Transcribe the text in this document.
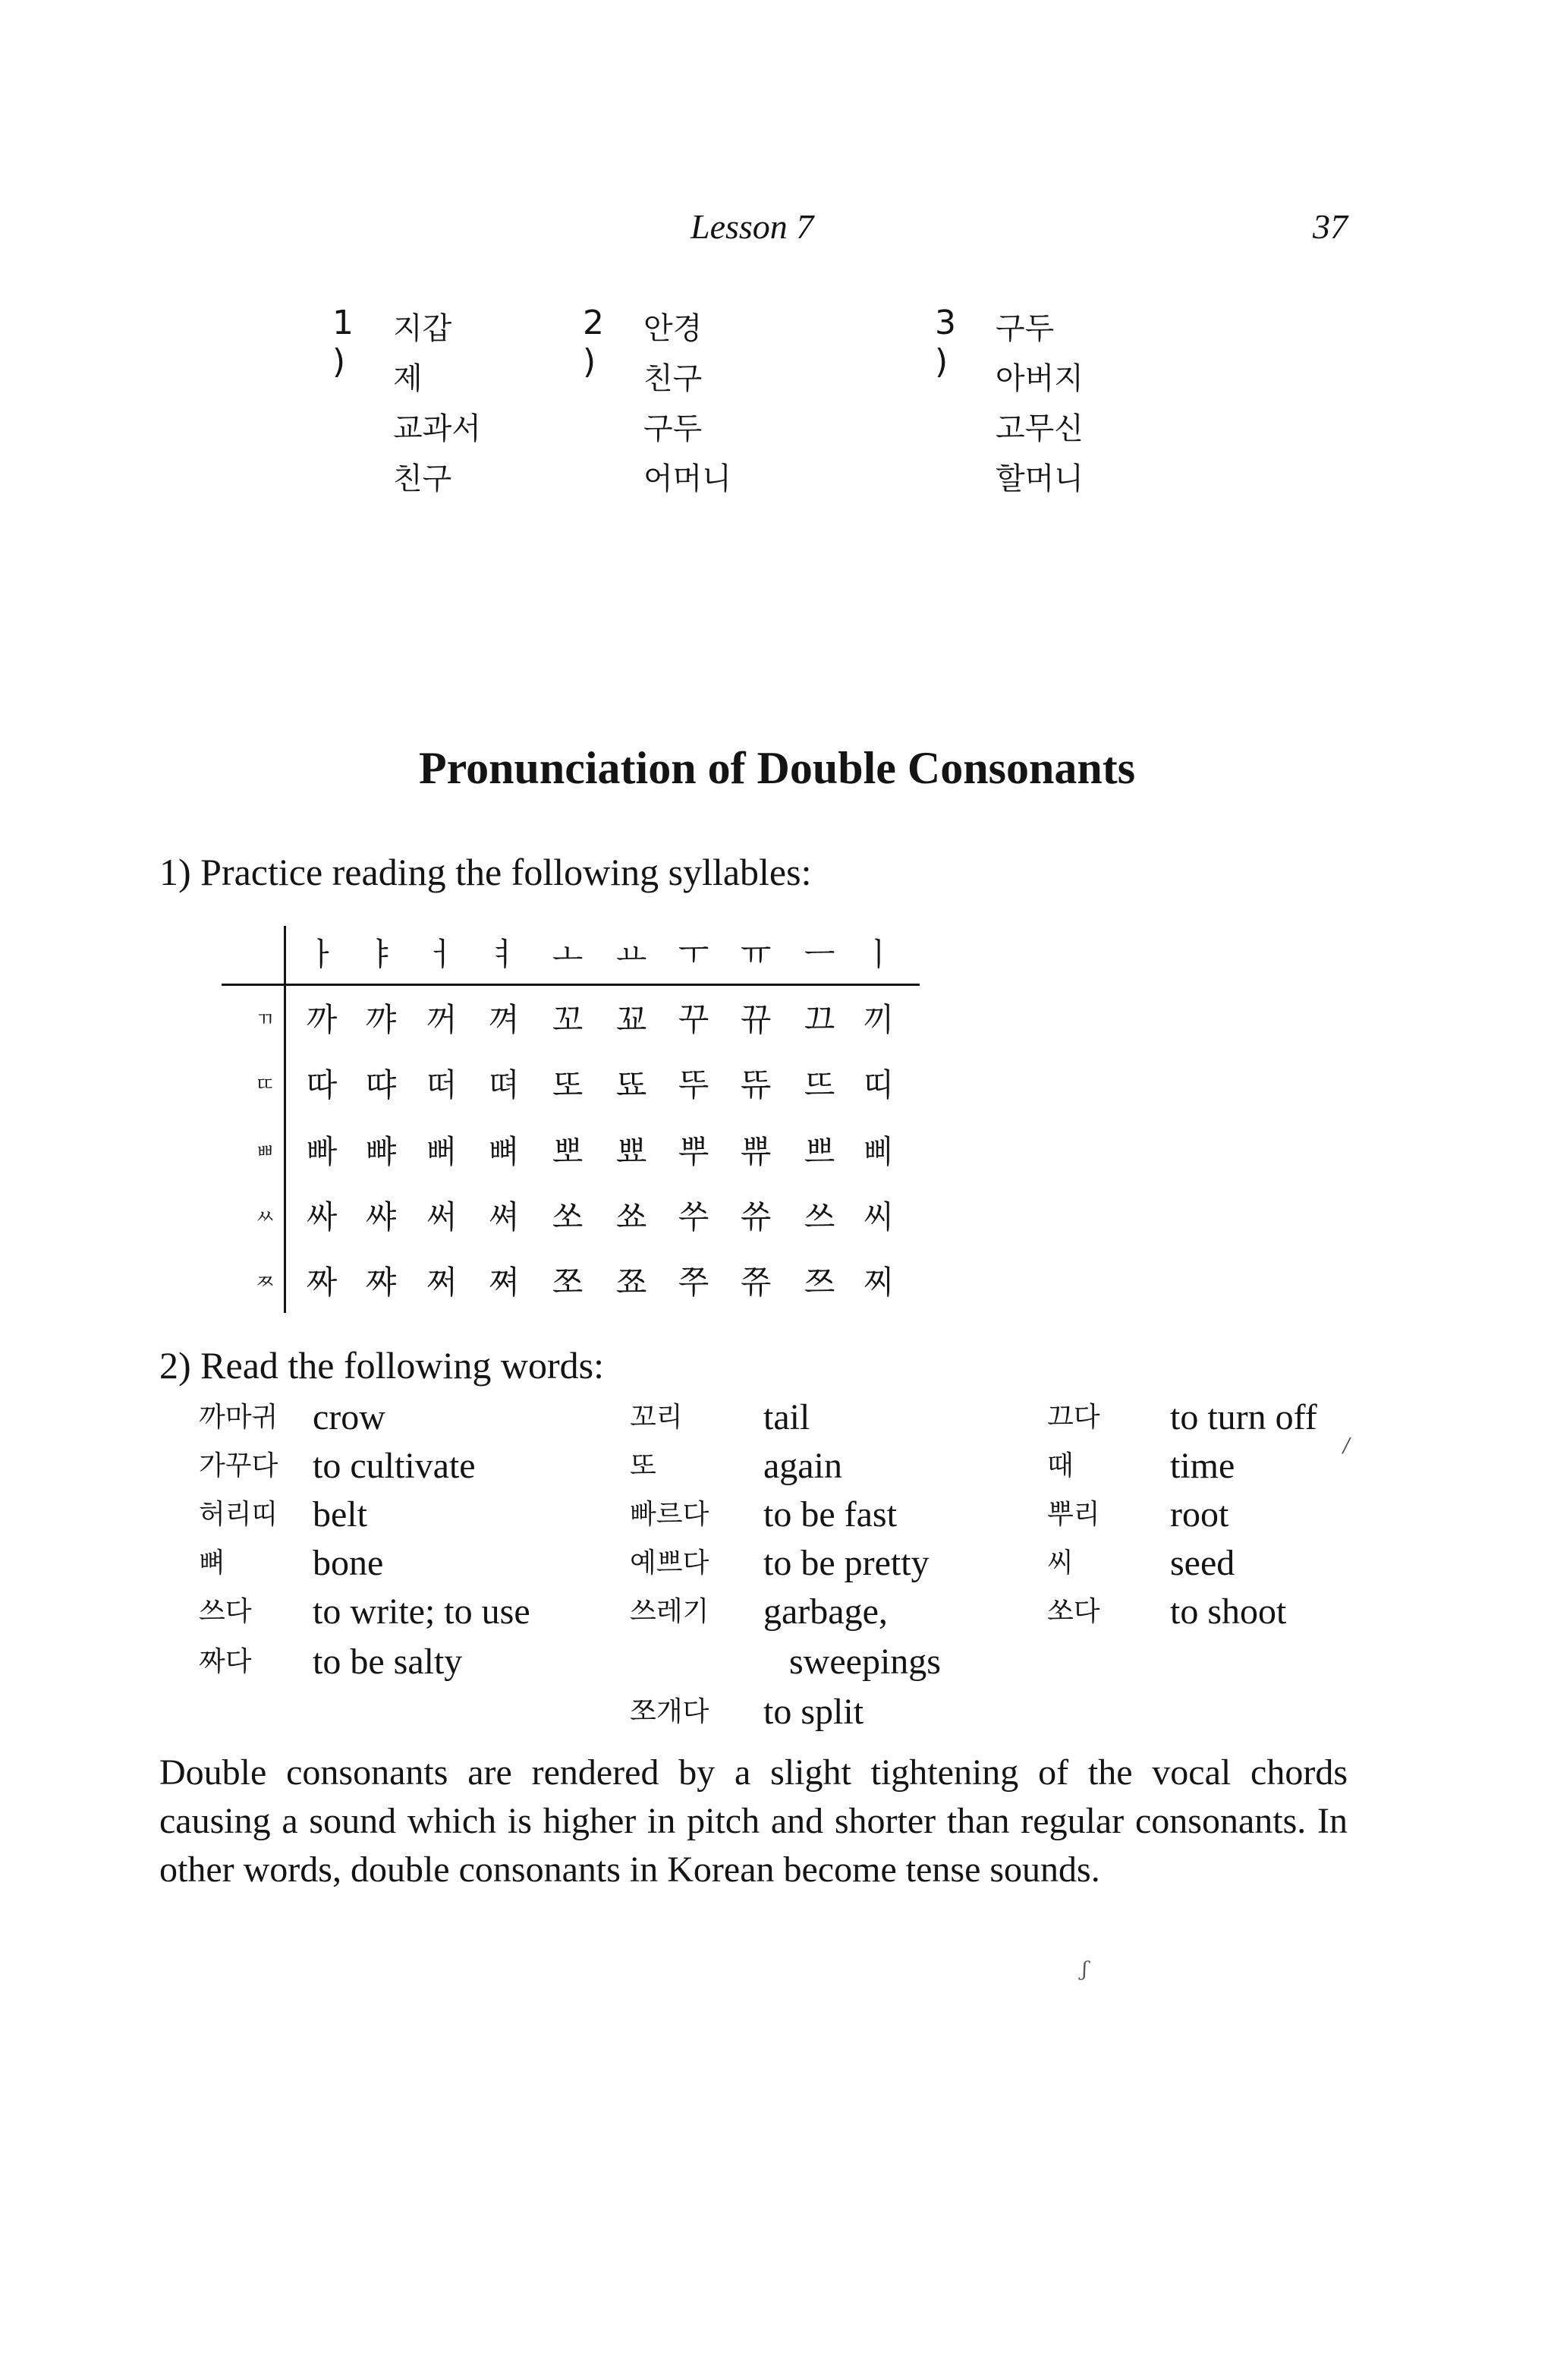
Lesson 7	37
1 )
지갑
제
교과서
친구
2 )
안경
친구
구두
어머니
3 )
구두
아버지
고무신
할머니
Pronunciation of Double Consonants
1) Practice reading the following syllables:
ㅏ ㅑ ㅓ ㅕ	ㅗ	ㅛ ㅜ ㅠ	ㅡ ㅣ
ㄲ 까 꺄 꺼 껴	꼬	꾜 꾸 뀨	끄 끼
ㄸ 따 땨 떠 뗘	또	뚀 뚜 뜌	뜨 띠
ㅃ 빠 뺘 뻐 뼈	뽀	뾰 뿌 쀼	쁘 삐
ㅆ 싸 쌰 써 쎠	쏘	쑈 쑤 쓔	쓰 씨
ㅉ 짜 쨔 쩌 쪄	쪼	쬬 쭈 쮸	쯔 찌
2) Read the following words:
까마귀 crow
가꾸다 to cultivate
허리띠 belt
뼈 bone
쓰다 to write; to use
짜다 to be salty
꼬리 tail
또	again
빠르다 to be fast
예쁘다 to be pretty
쓰레기 garbage,
sweepings
쪼개다 to split
끄다 to turn off
때	time
뿌리 root
씨	seed
쏘다 to shoot
Double consonants are rendered by a slight tightening of the vocal chords causing a sound which is higher in pitch and shorter than regular consonants. In other words, double consonants in Korean become tense sounds.
/
ʃ
